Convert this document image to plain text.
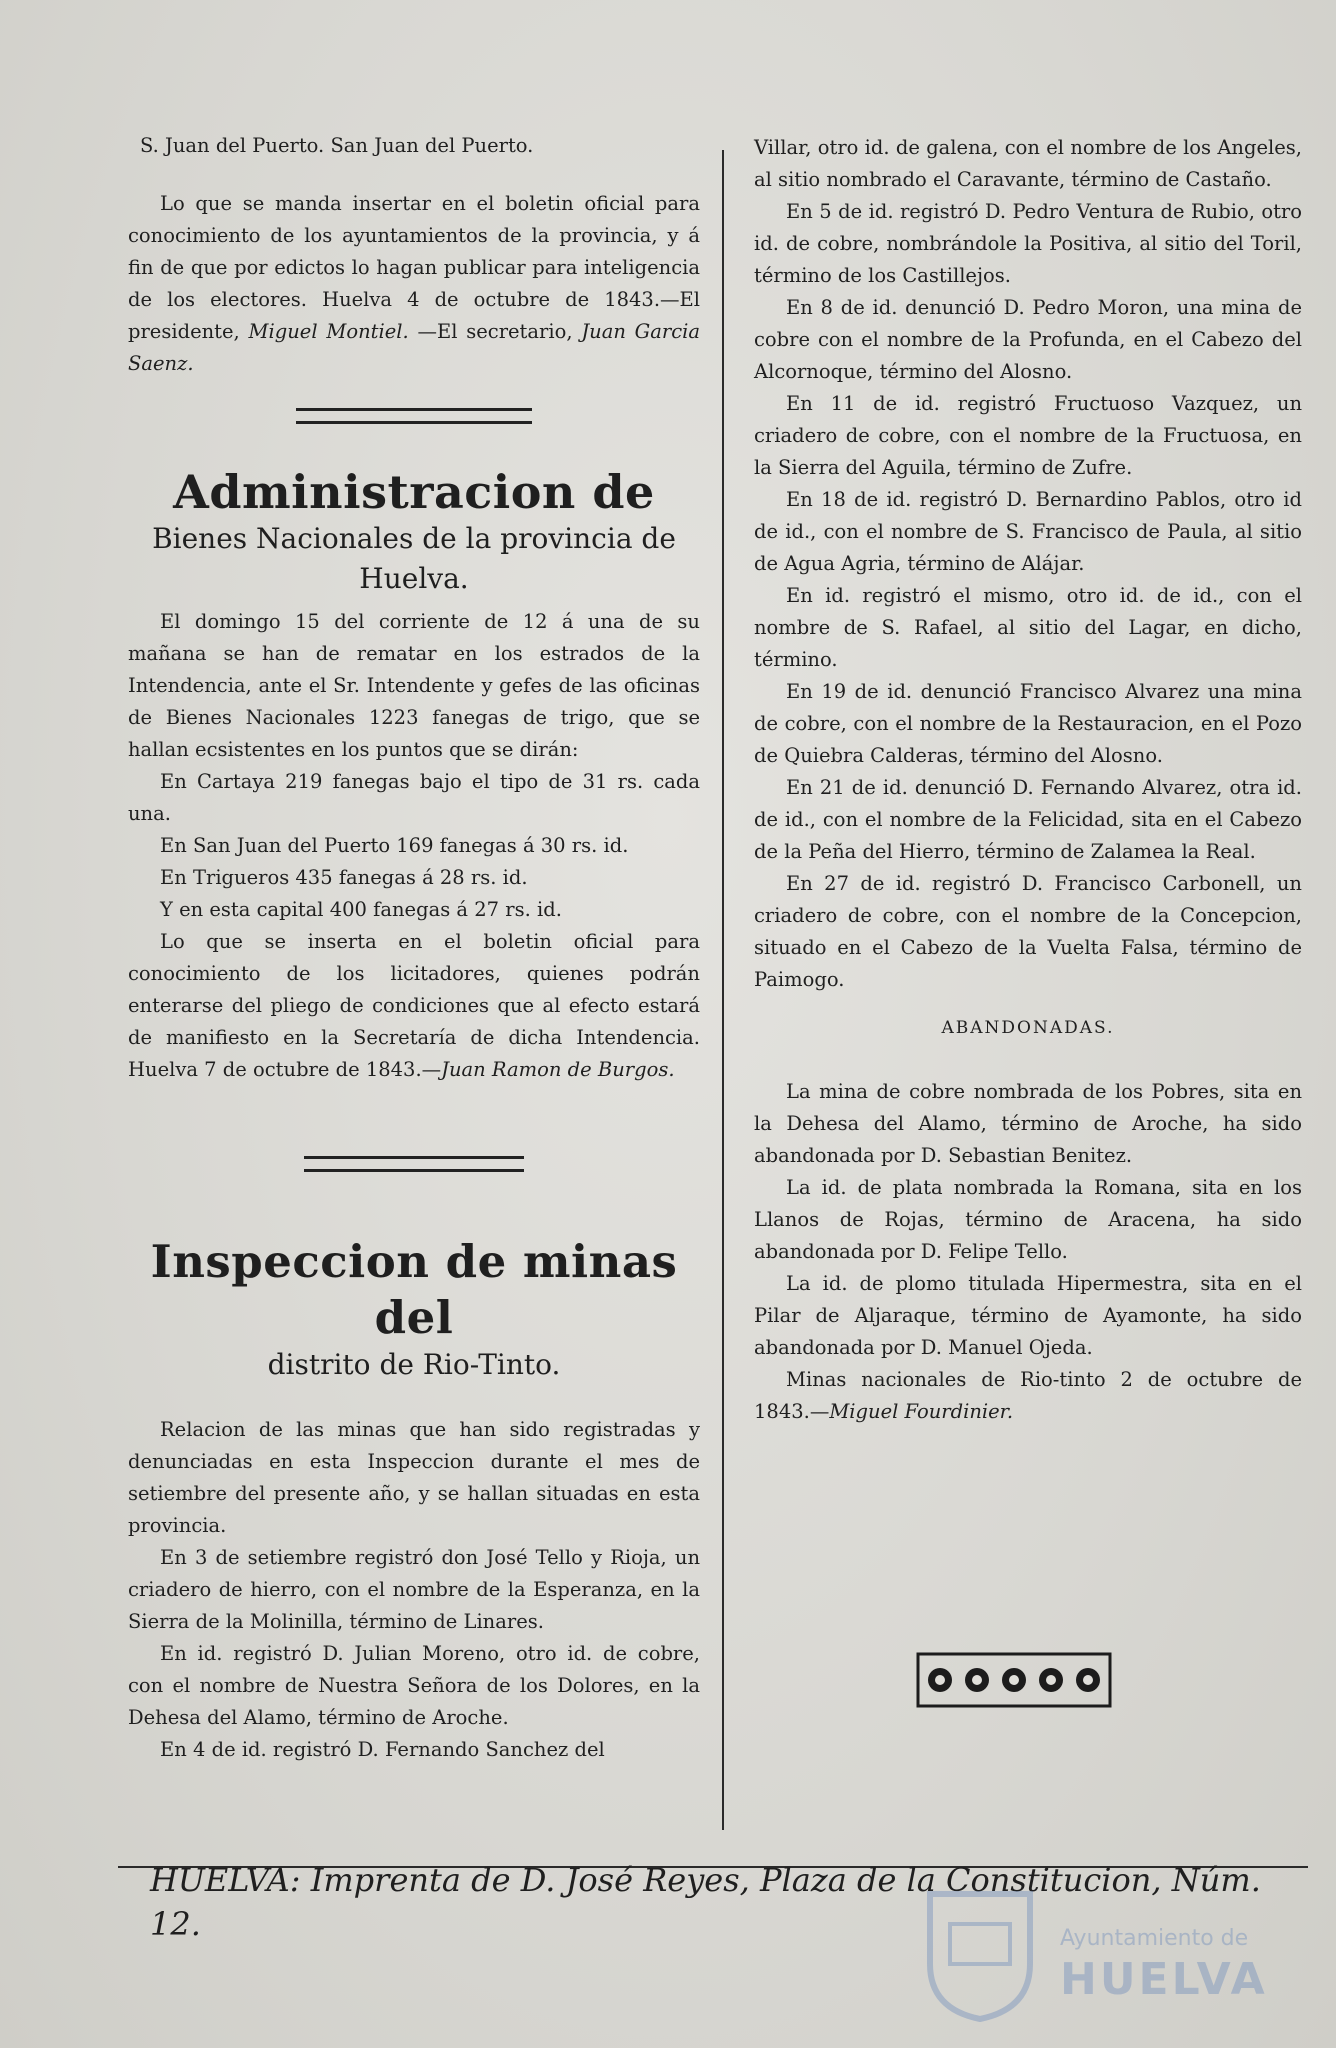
S. Juan del Puerto. San Juan del Puerto.

Lo que se manda insertar en el boletin oficial para conocimiento de los ayuntamientos de la provincia, y á fin de que por edictos lo hagan publicar para inteligencia de los electores. Huelva 4 de octubre de 1843.—El presidente, Miguel Montiel. —El secretario, Juan Garcia Saenz.

Administracion de
Bienes Nacionales de la provincia de
Huelva.

El domingo 15 del corriente de 12 á una de su mañana se han de rematar en los estrados de la Intendencia, ante el Sr. Intendente y gefes de las oficinas de Bienes Nacionales 1223 fanegas de trigo, que se hallan ecsistentes en los puntos que se dirán:

En Cartaya 219 fanegas bajo el tipo de 31 rs. cada una.

En San Juan del Puerto 169 fanegas á 30 rs. id.

En Trigueros 435 fanegas á 28 rs. id.

Y en esta capital 400 fanegas á 27 rs. id.

Lo que se inserta en el boletin oficial para conocimiento de los licitadores, quienes podrán enterarse del pliego de condiciones que al efecto estará de manifiesto en la Secretaría de dicha Intendencia. Huelva 7 de octubre de 1843.—Juan Ramon de Burgos.

Inspeccion de minas del
distrito de Rio-Tinto.

Relacion de las minas que han sido registradas y denunciadas en esta Inspeccion durante el mes de setiembre del presente año, y se hallan situadas en esta provincia.

En 3 de setiembre registró don José Tello y Rioja, un criadero de hierro, con el nombre de la Esperanza, en la Sierra de la Molinilla, término de Linares.

En id. registró D. Julian Moreno, otro id. de cobre, con el nombre de Nuestra Señora de los Dolores, en la Dehesa del Alamo, término de Aroche.

En 4 de id. registró D. Fernando Sanchez del

Villar, otro id. de galena, con el nombre de los Angeles, al sitio nombrado el Caravante, término de Castaño.

En 5 de id. registró D. Pedro Ventura de Rubio, otro id. de cobre, nombrándole la Positiva, al sitio del Toril, término de los Castillejos.

En 8 de id. denunció D. Pedro Moron, una mina de cobre con el nombre de la Profunda, en el Cabezo del Alcornoque, término del Alosno.

En 11 de id. registró Fructuoso Vazquez, un criadero de cobre, con el nombre de la Fructuosa, en la Sierra del Aguila, término de Zufre.

En 18 de id. registró D. Bernardino Pablos, otro id de id., con el nombre de S. Francisco de Paula, al sitio de Agua Agria, término de Alájar.

En id. registró el mismo, otro id. de id., con el nombre de S. Rafael, al sitio del Lagar, en dicho, término.

En 19 de id. denunció Francisco Alvarez una mina de cobre, con el nombre de la Restauracion, en el Pozo de Quiebra Calderas, término del Alosno.

En 21 de id. denunció D. Fernando Alvarez, otra id. de id., con el nombre de la Felicidad, sita en el Cabezo de la Peña del Hierro, término de Zalamea la Real.

En 27 de id. registró D. Francisco Carbonell, un criadero de cobre, con el nombre de la Concepcion, situado en el Cabezo de la Vuelta Falsa, término de Paimogo.

ABANDONADAS.

La mina de cobre nombrada de los Pobres, sita en la Dehesa del Alamo, término de Aroche, ha sido abandonada por D. Sebastian Benitez.

La id. de plata nombrada la Romana, sita en los Llanos de Rojas, término de Aracena, ha sido abandonada por D. Felipe Tello.

La id. de plomo titulada Hipermestra, sita en el Pilar de Aljaraque, término de Ayamonte, ha sido abandonada por D. Manuel Ojeda.

Minas nacionales de Rio-tinto 2 de octubre de 1843.—Miguel Fourdinier.

HUELVA: Imprenta de D. José Reyes, Plaza de la Constitucion, Núm. 12.	Ayuntamiento de
HUELVA
